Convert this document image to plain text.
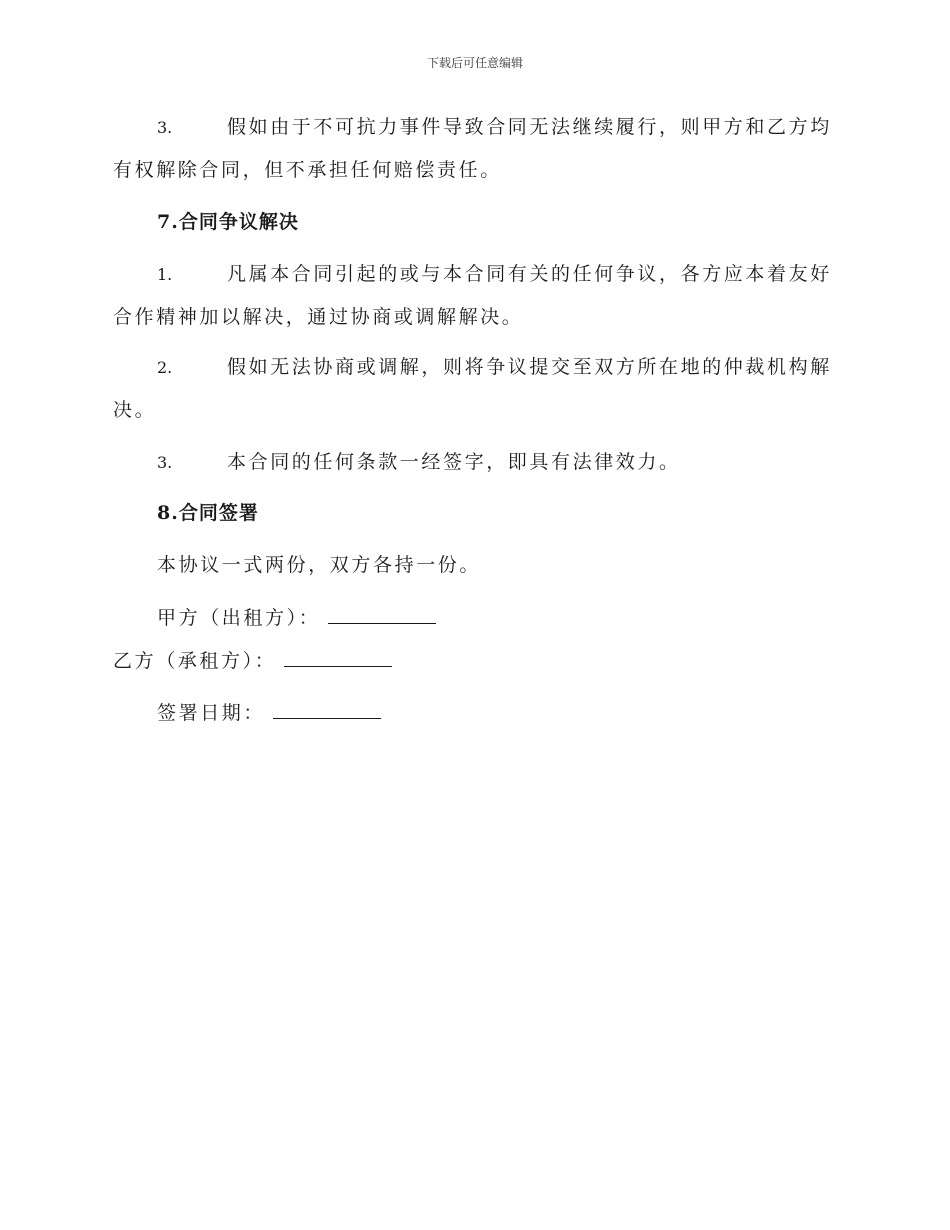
下载后可任意编辑
3.	假如由于不可抗力事件导致合同无法继续履行，则甲方和乙方均
有权解除合同，但不承担任何赔偿责任。
7.合同争议解决
1.	凡属本合同引起的或与本合同有关的任何争议，各方应本着友好
合作精神加以解决，通过协商或调解解决。
2.	假如无法协商或调解，则将争议提交至双方所在地的仲裁机构解
决。
3.	本合同的任何条款一经签字，即具有法律效力。
8.合同签署
本协议一式两份，双方各持一份。
甲方（出租方）：
乙方（承租方）：
签署日期：
